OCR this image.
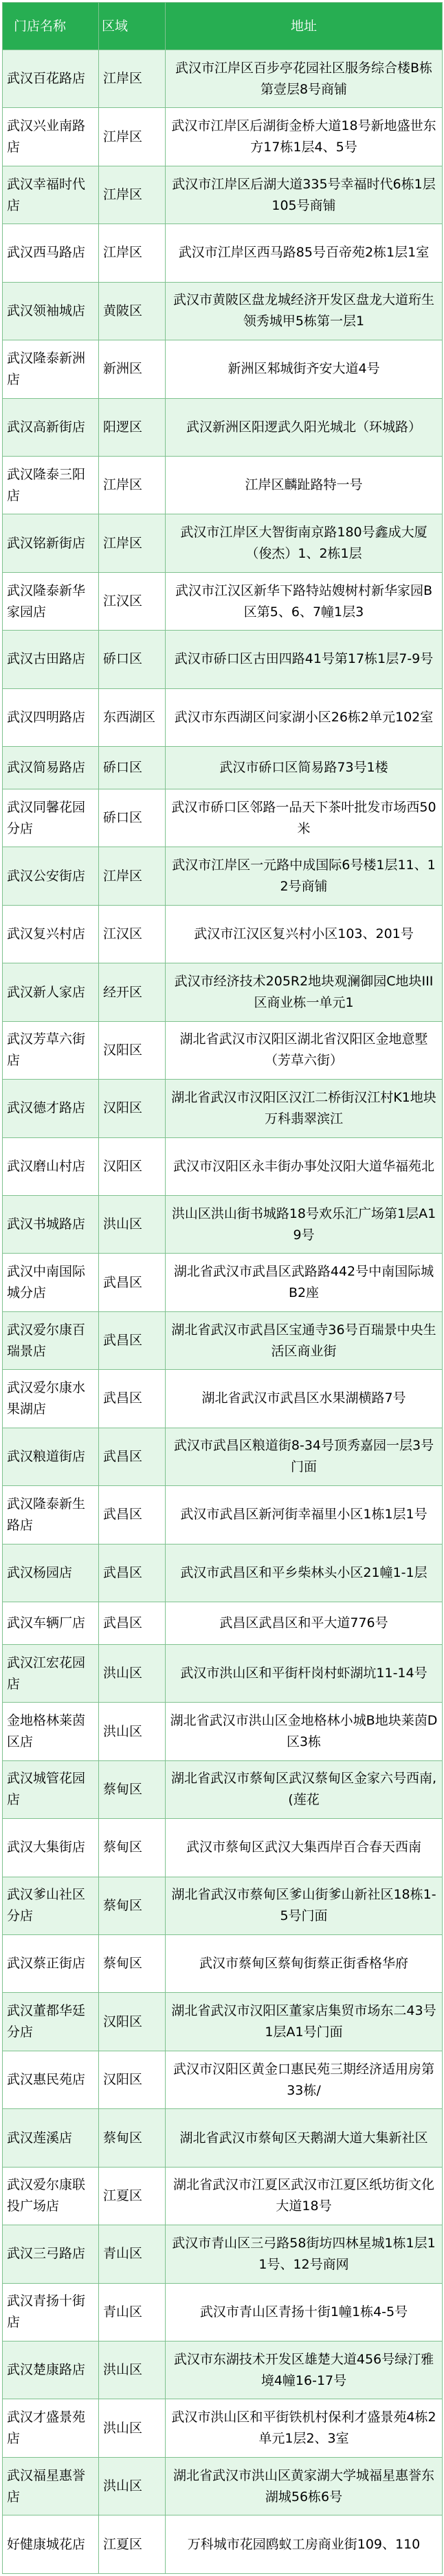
门店名称	区域	地址
武汉百花路店	江岸区	武汉市江岸区百步亭花园社区服务综合楼B栋第壹层8号商铺
武汉兴业南路店	江岸区	武汉市江岸区后湖街金桥大道18号新地盛世东方17栋1层4、5号
武汉幸福时代店	江岸区	武汉市江岸区后湖大道335号幸福时代6栋1层105号商铺
武汉西马路店	江岸区	武汉市江岸区西马路85号百帝苑2栋1层1室
武汉领袖城店	黄陂区	武汉市黄陂区盘龙城经济开发区盘龙大道珩生领秀城甲5栋第一层1
武汉隆泰新洲店	新洲区	新洲区邾城街齐安大道4号
武汉高新街店	阳逻区	武汉新洲区阳逻武久阳光城北（环城路）
武汉隆泰三阳店	江岸区	江岸区麟趾路特一号
武汉铭新街店	江岸区	武汉市江岸区大智街南京路180号鑫成大厦（俊杰）1、2栋1层
武汉隆泰新华家园店	江汉区	武汉市江汉区新华下路特站嫂树村新华家园B区第5、6、7幢1层3
武汉古田路店	硚口区	武汉市硚口区古田四路41号第17栋1层7-9号
武汉四明路店	东西湖区	武汉市东西湖区问家湖小区26栋2单元102室
武汉简易路店	硚口区	武汉市硚口区简易路73号1楼
武汉同馨花园分店	硚口区	武汉市硚口区邻路一品天下茶叶批发市场西50米
武汉公安街店	江岸区	武汉市江岸区一元路中成国际6号楼1层11、12号商铺
武汉复兴村店	江汉区	武汉市江汉区复兴村小区103、201号
武汉新人家店	经开区	武汉市经济技术205R2地块观澜御园C地块III区商业栋一单元1
武汉芳草六街店	汉阳区	湖北省武汉市汉阳区湖北省汉阳区金地意墅（芳草六街）
武汉德才路店	汉阳区	湖北省武汉市汉阳区汉江二桥街汉江村K1地块万科翡翠滨江
武汉磨山村店	汉阳区	武汉市汉阳区永丰街办事处汉阳大道华福苑北
武汉书城路店	洪山区	洪山区洪山街书城路18号欢乐汇广场第1层A19号
武汉中南国际城分店	武昌区	湖北省武汉市武昌区武路路442号中南国际城B2座
武汉爱尔康百瑞景店	武昌区	湖北省武汉市武昌区宝通寺36号百瑞景中央生活区商业街
武汉爱尔康水果湖店	武昌区	湖北省武汉市武昌区水果湖横路7号
武汉粮道街店	武昌区	武汉市武昌区粮道街8-34号顶秀嘉园一层3号门面
武汉隆泰新生路店	武昌区	武汉市武昌区新河街幸福里小区1栋1层1号
武汉杨园店	武昌区	武汉市武昌区和平乡柴林头小区21幢1-1层
武汉车辆厂店	武昌区	武昌区武昌区和平大道776号
武汉江宏花园店	洪山区	武汉市洪山区和平街杆岗村虾湖坑11-14号
金地格林莱茵区店	洪山区	湖北省武汉市洪山区金地格林小城B地块莱茵D区3栋
武汉城管花园店	蔡甸区	湖北省武汉市蔡甸区武汉蔡甸区金家六号西南,(莲花
武汉大集街店	蔡甸区	武汉市蔡甸区武汉大集西岸百合春天西南
武汉爹山社区分店	蔡甸区	湖北省武汉市蔡甸区爹山街爹山新社区18栋1-5号门面
武汉蔡正街店	蔡甸区	武汉市蔡甸区蔡甸街蔡正街香格华府
武汉董都华廷分店	汉阳区	湖北省武汉市汉阳区董家店集贸市场东二43号1层A1号门面
武汉惠民苑店	汉阳区	武汉市汉阳区黄金口惠民苑三期经济适用房第33栋/
武汉莲溪店	蔡甸区	湖北省武汉市蔡甸区天鹅湖大道大集新社区
武汉爱尔康联投广场店	江夏区	湖北省武汉市江夏区武汉市江夏区纸坊街文化大道18号
武汉三弓路店	青山区	武汉市青山区三弓路58街坊四林星城1栋1层11号、12号商网
武汉青扬十街店	青山区	武汉市青山区青扬十街1幢1栋4-5号
武汉楚康路店	洪山区	武汉市东湖技术开发区雄楚大道456号绿汀雅境4幢16-17号
武汉才盛景苑店	洪山区	武汉市洪山区和平街铁机村保利才盛景苑4栋2单元1层2、3室
武汉福星惠誉店	洪山区	湖北省武汉市洪山区黄家湖大学城福星惠誉东湖城56栋6号
好健康城花店	江夏区	万科城市花园鸥蚁工房商业街109、110
